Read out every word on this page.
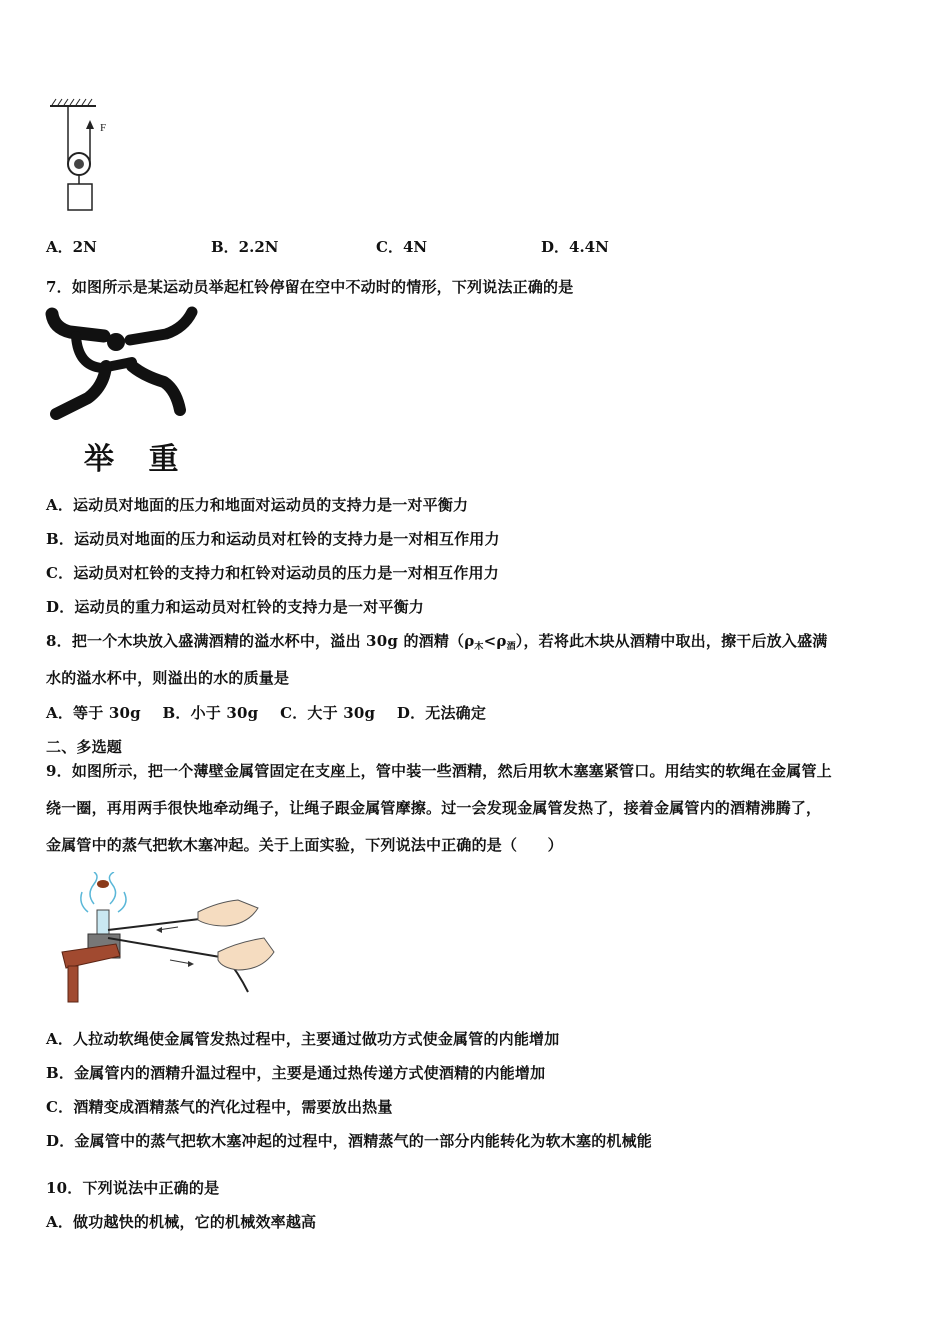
F
A．2N	B．2.2N	C．4N	D．4.4N
7．如图所示是某运动员举起杠铃停留在空中不动时的情形，下列说法正确的是
举 重
A．运动员对地面的压力和地面对运动员的支持力是一对平衡力
B．运动员对地面的压力和运动员对杠铃的支持力是一对相互作用力
C．运动员对杠铃的支持力和杠铃对运动员的压力是一对相互作用力
D．运动员的重力和运动员对杠铃的支持力是一对平衡力
8．把一个木块放入盛满酒精的溢水杯中，溢出 30g 的酒精$(\rho_木<\rho_酒)$，若将此木块从酒精中取出，擦干后放入盛满
水的溢水杯中，则溢出的水的质量是
A．等于 30g    B．小于 30g    C．大于 30g    D．无法确定
二、多选题
9．如图所示，把一个薄壁金属管固定在支座上，管中装一些酒精，然后用软木塞塞紧管口。用结实的软绳在金属管上
绕一圈，再用两手很快地牵动绳子，让绳子跟金属管摩擦。过一会发现金属管发热了，接着金属管内的酒精沸腾了，
金属管中的蒸气把软木塞冲起。关于上面实验，下列说法中正确的是（　　）
A．人拉动软绳使金属管发热过程中，主要通过做功方式使金属管的内能增加
B．金属管内的酒精升温过程中，主要是通过热传递方式使酒精的内能增加
C．酒精变成酒精蒸气的汽化过程中，需要放出热量
D．金属管中的蒸气把软木塞冲起的过程中，酒精蒸气的一部分内能转化为软木塞的机械能
10．下列说法中正确的是
A．做功越快的机械，它的机械效率越高
